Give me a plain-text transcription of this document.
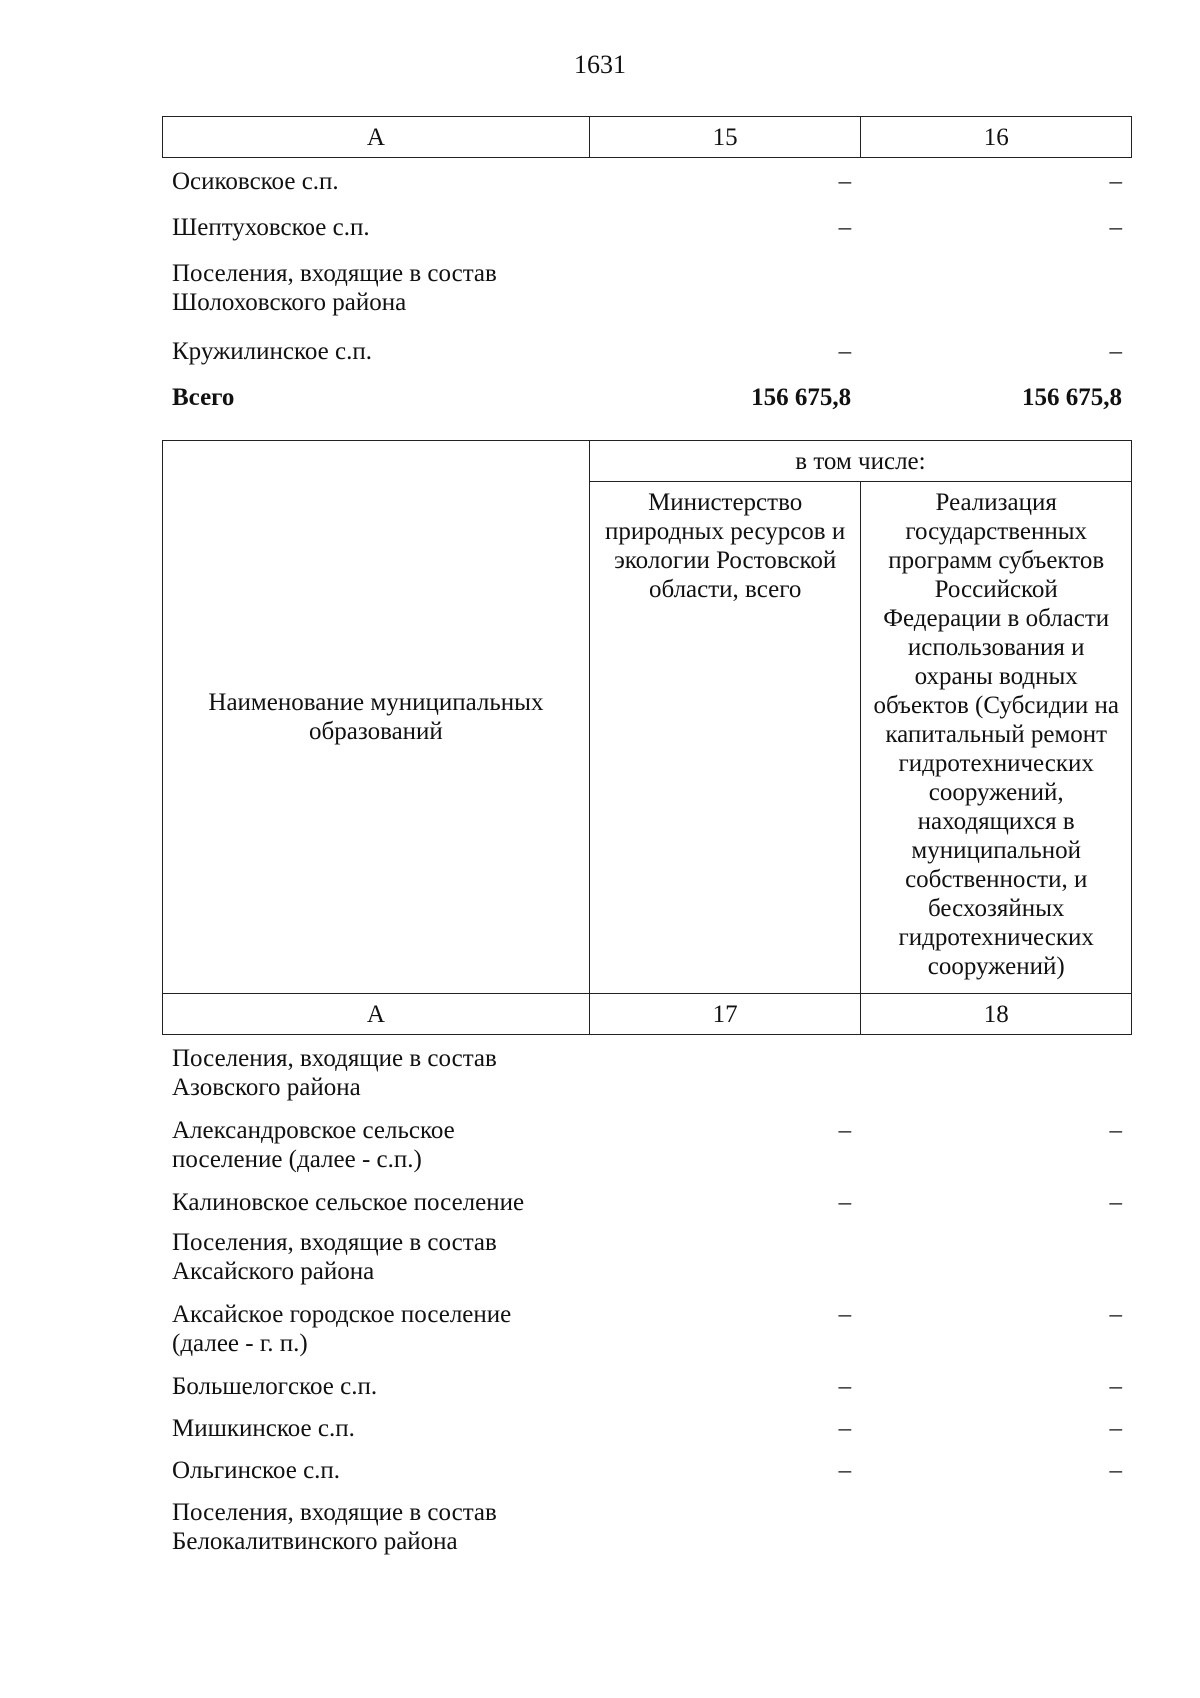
1631
А	15	16
Осиковское с.п.	–	–
Шептуховское с.п.	–	–
Поселения, входящие в состав Шолоховского района		
Кружилинское с.п.	–	–
Всего	156 675,8	156 675,8
Наименование муниципальных образований	в том числе:	
	Министерство природных ресурсов и экологии Ростовской области, всего	Реализация государственных программ субъектов Российской Федерации в области использования и охраны водных объектов (Субсидии на капитальный ремонт гидротехнических сооружений, находящихся в муниципальной собственности, и бесхозяйных гидротехнических сооружений)
А	17	18
Поселения, входящие в состав Азовского района		
Александровское сельское поселение (далее - с.п.)	–	–
Калиновское сельское поселение	–	–
Поселения, входящие в состав Аксайского района		
Аксайское городское поселение (далее - г. п.)	–	–
Большелогское с.п.	–	–
Мишкинское с.п.	–	–
Ольгинское с.п.	–	–
Поселения, входящие в состав Белокалитвинского района		
